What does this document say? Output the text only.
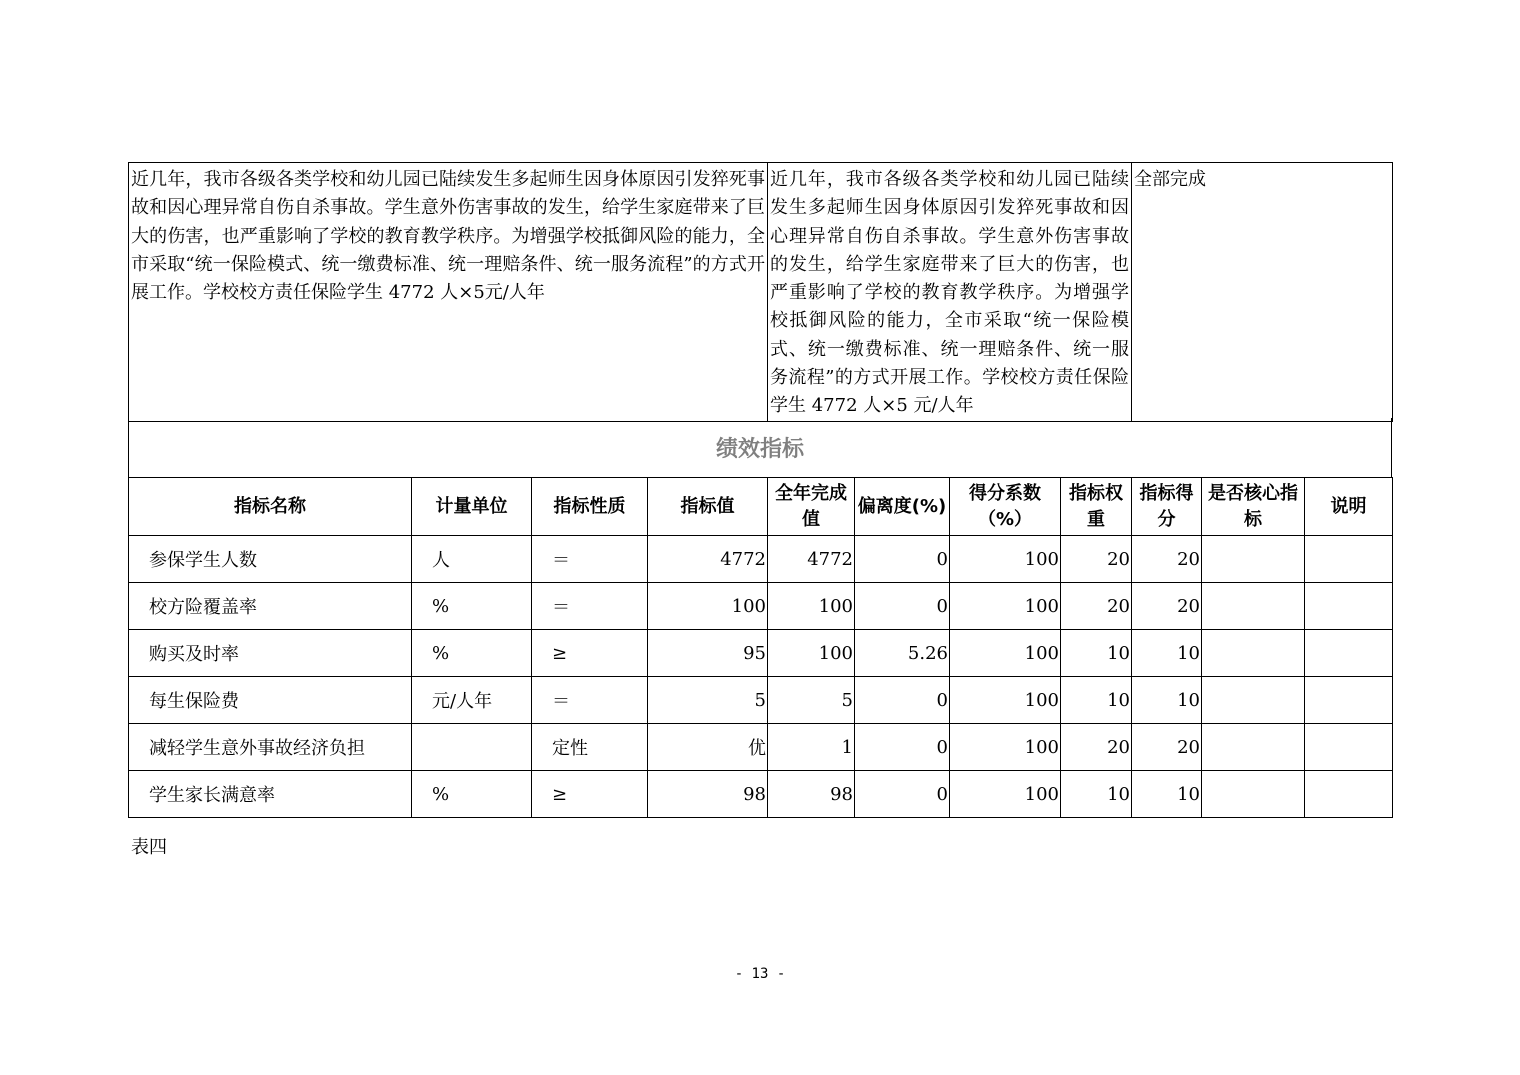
近几年，我市各级各类学校和幼儿园已陆续发生多起师生因身体原因引发猝死事故和因心理异常自伤自杀事故。学生意外伤害事故的发生，给学生家庭带来了巨大的伤害，也严重影响了学校的教育教学秩序。为增强学校抵御风险的能力，全市采取“统一保险模式、统一缴费标准、统一理赔条件、统一服务流程”的方式开展工作。学校校方责任保险学生 4772 人×5元/人年	近几年，我市各级各类学校和幼儿园已陆续发生多起师生因身体原因引发猝死事故和因心理异常自伤自杀事故。学生意外伤害事故的发生，给学生家庭带来了巨大的伤害，也严重影响了学校的教育教学秩序。为增强学校抵御风险的能力，全市采取“统一保险模式、统一缴费标准、统一理赔条件、统一服务流程”的方式开展工作。学校校方责任保险学生 4772 人×5 元/人年	全部完成
绩效指标
指标名称	计量单位	指标性质	指标值	全年完成值	偏离度(%)	得分系数（%）	指标权重	指标得分	是否核心指标	说明
参保学生人数	人	＝	4772	4772	0	100	20	20		
校方险覆盖率	%	＝	100	100	0	100	20	20		
购买及时率	%	≥	95	100	5.26	100	10	10		
每生保险费	元/人年	＝	5	5	0	100	10	10		
减轻学生意外事故经济负担		定性	优	1	0	100	20	20		
学生家长满意率	%	≥	98	98	0	100	10	10		
表四
- 13 -
